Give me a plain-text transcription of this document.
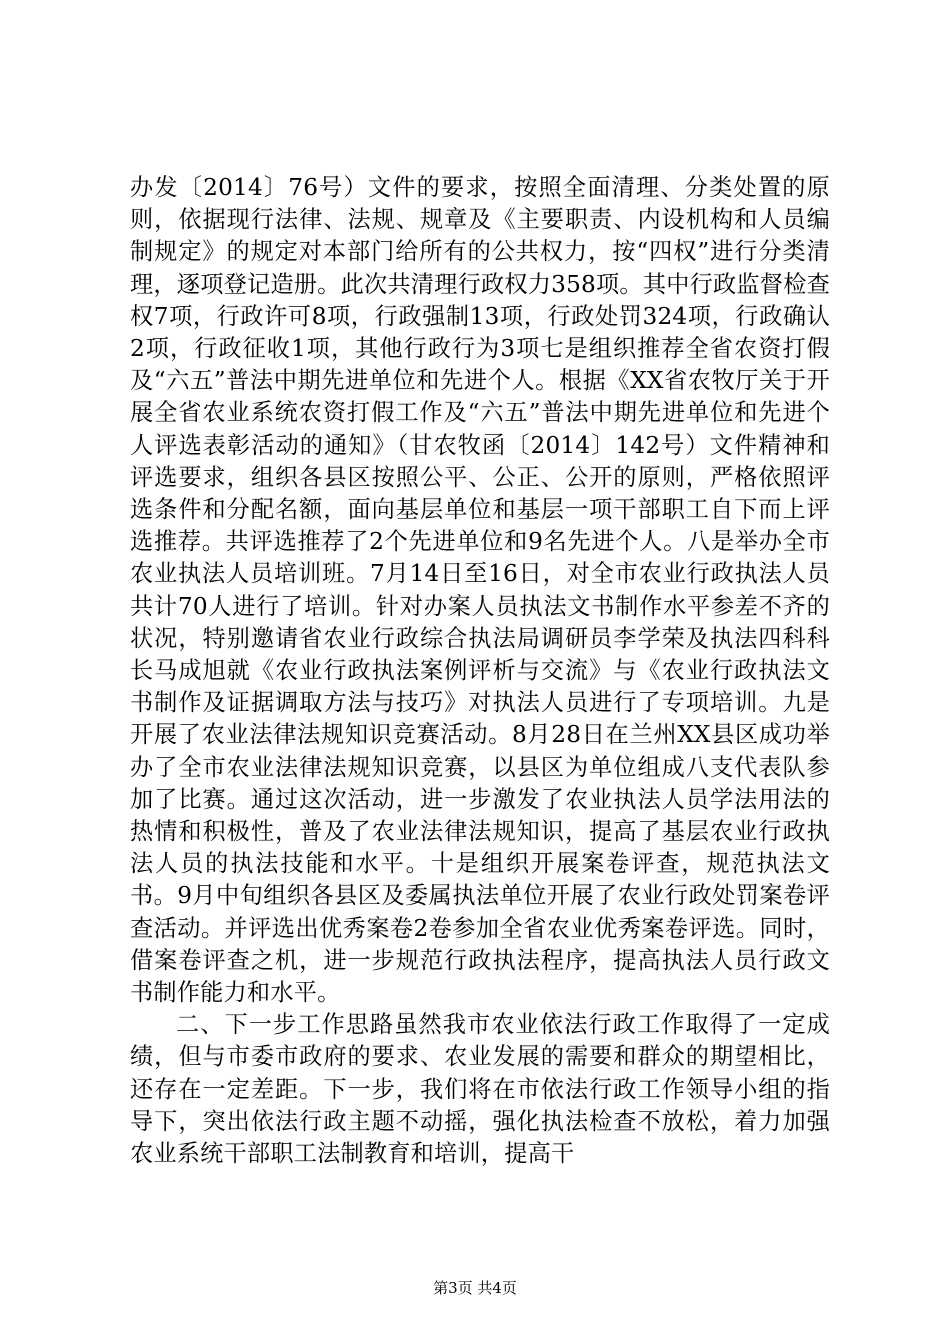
办发〔2014〕76号）文件的要求，按照全面清理、分类处置的原则，依据现行法律、法规、规章及《主要职责、内设机构和人员编制规定》的规定对本部门给所有的公共权力，按“四权”进行分类清理，逐项登记造册。此次共清理行政权力358项。其中行政监督检查权7项，行政许可8项，行政强制13项，行政处罚324项，行政确认2项，行政征收1项，其他行政行为3项七是组织推荐全省农资打假及“六五”普法中期先进单位和先进个人。根据《XX省农牧厅关于开展全省农业系统农资打假工作及“六五”普法中期先进单位和先进个人评选表彰活动的通知》（甘农牧函〔2014〕142号）文件精神和评选要求，组织各县区按照公平、公正、公开的原则，严格依照评选条件和分配名额，面向基层单位和基层一项干部职工自下而上评选推荐。共评选推荐了2个先进单位和9名先进个人。八是举办全市农业执法人员培训班。7月14日至16日，对全市农业行政执法人员共计70人进行了培训。针对办案人员执法文书制作水平参差不齐的状况，特别邀请省农业行政综合执法局调研员李学荣及执法四科科长马成旭就《农业行政执法案例评析与交流》与《农业行政执法文书制作及证据调取方法与技巧》对执法人员进行了专项培训。九是开展了农业法律法规知识竞赛活动。8月28日在兰州XX县区成功举办了全市农业法律法规知识竞赛，以县区为单位组成八支代表队参加了比赛。通过这次活动，进一步激发了农业执法人员学法用法的热情和积极性，普及了农业法律法规知识，提高了基层农业行政执法人员的执法技能和水平。十是组织开展案卷评查，规范执法文书。9月中旬组织各县区及委属执法单位开展了农业行政处罚案卷评查活动。并评选出优秀案卷2卷参加全省农业优秀案卷评选。同时，借案卷评查之机，进一步规范行政执法程序，提高执法人员行政文书制作能力和水平。

二、下一步工作思路虽然我市农业依法行政工作取得了一定成绩，但与市委市政府的要求、农业发展的需要和群众的期望相比，还存在一定差距。下一步，我们将在市依法行政工作领导小组的指导下，突出依法行政主题不动摇，强化执法检查不放松，着力加强农业系统干部职工法制教育和培训，提高干

第3页 共4页
